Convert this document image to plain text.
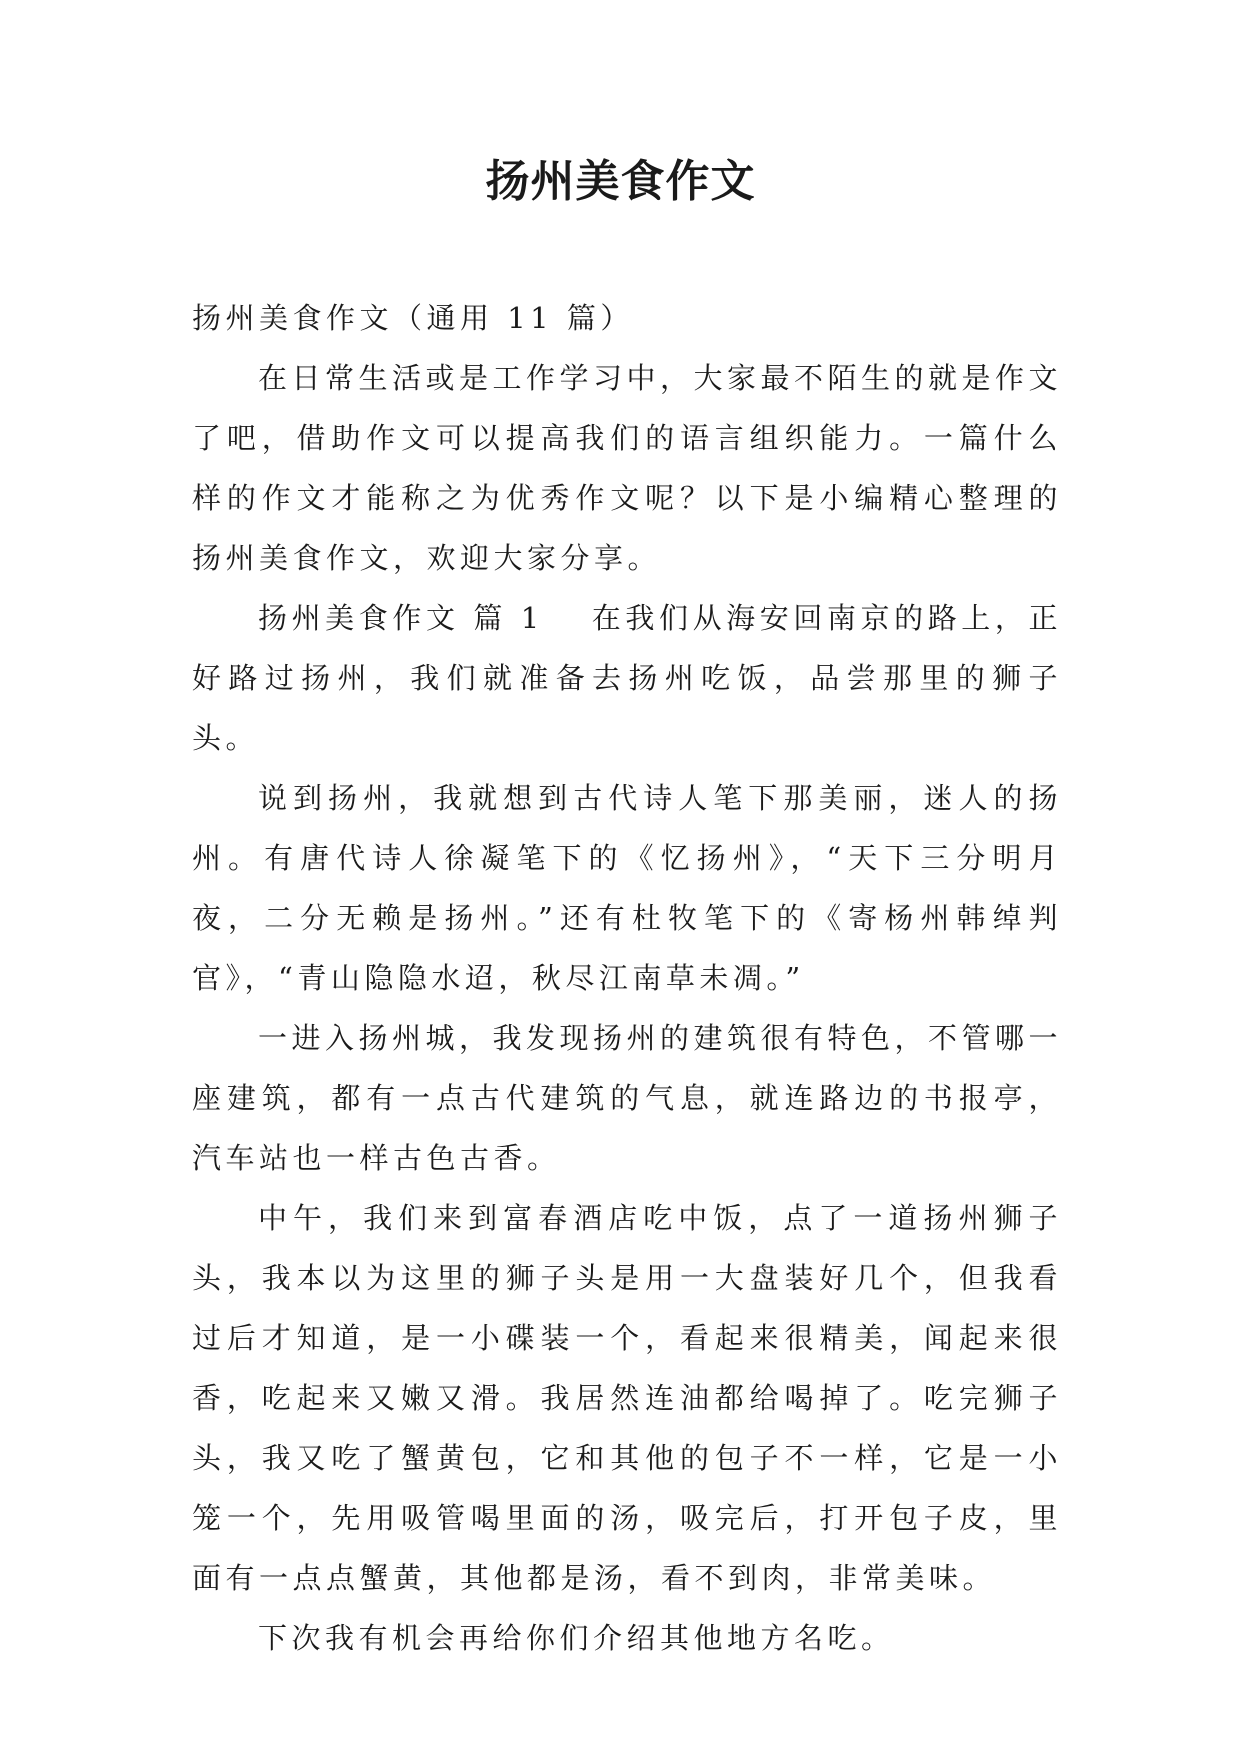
扬州美食作文

扬州美食作文（通用 11 篇）

在日常生活或是工作学习中，大家最不陌生的就是作文了吧，借助作文可以提高我们的语言组织能力。一篇什么样的作文才能称之为优秀作文呢？以下是小编精心整理的扬州美食作文，欢迎大家分享。

扬州美食作文 篇 1 在我们从海安回南京的路上，正好路过扬州，我们就准备去扬州吃饭，品尝那里的狮子头。

说到扬州，我就想到古代诗人笔下那美丽，迷人的扬州。有唐代诗人徐凝笔下的《忆扬州》，“天下三分明月夜，二分无赖是扬州。”还有杜牧笔下的《寄杨州韩绰判官》，“青山隐隐水迢，秋尽江南草未凋。”

一进入扬州城，我发现扬州的建筑很有特色，不管哪一座建筑，都有一点古代建筑的气息，就连路边的书报亭，汽车站也一样古色古香。

中午，我们来到富春酒店吃中饭，点了一道扬州狮子头，我本以为这里的狮子头是用一大盘装好几个，但我看过后才知道，是一小碟装一个，看起来很精美，闻起来很香，吃起来又嫩又滑。我居然连油都给喝掉了。吃完狮子头，我又吃了蟹黄包，它和其他的包子不一样，它是一小笼一个，先用吸管喝里面的汤，吸完后，打开包子皮，里面有一点点蟹黄，其他都是汤，看不到肉，非常美味。

下次我有机会再给你们介绍其他地方名吃。
